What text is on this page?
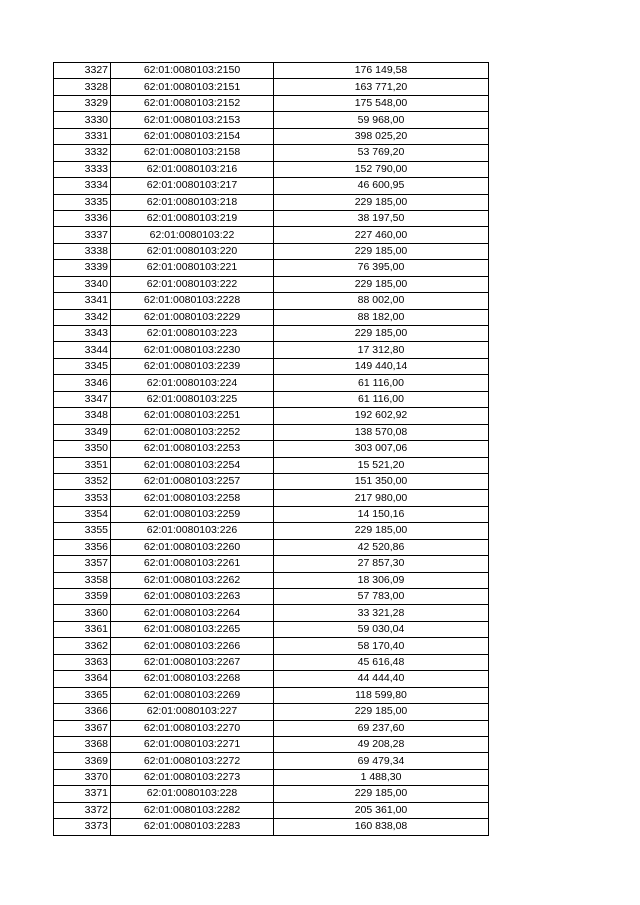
3327	62:01:0080103:2150	176 149,58
3328	62:01:0080103:2151	163 771,20
3329	62:01:0080103:2152	175 548,00
3330	62:01:0080103:2153	59 968,00
3331	62:01:0080103:2154	398 025,20
3332	62:01:0080103:2158	53 769,20
3333	62:01:0080103:216	152 790,00
3334	62:01:0080103:217	46 600,95
3335	62:01:0080103:218	229 185,00
3336	62:01:0080103:219	38 197,50
3337	62:01:0080103:22	227 460,00
3338	62:01:0080103:220	229 185,00
3339	62:01:0080103:221	76 395,00
3340	62:01:0080103:222	229 185,00
3341	62:01:0080103:2228	88 002,00
3342	62:01:0080103:2229	88 182,00
3343	62:01:0080103:223	229 185,00
3344	62:01:0080103:2230	17 312,80
3345	62:01:0080103:2239	149 440,14
3346	62:01:0080103:224	61 116,00
3347	62:01:0080103:225	61 116,00
3348	62:01:0080103:2251	192 602,92
3349	62:01:0080103:2252	138 570,08
3350	62:01:0080103:2253	303 007,06
3351	62:01:0080103:2254	15 521,20
3352	62:01:0080103:2257	151 350,00
3353	62:01:0080103:2258	217 980,00
3354	62:01:0080103:2259	14 150,16
3355	62:01:0080103:226	229 185,00
3356	62:01:0080103:2260	42 520,86
3357	62:01:0080103:2261	27 857,30
3358	62:01:0080103:2262	18 306,09
3359	62:01:0080103:2263	57 783,00
3360	62:01:0080103:2264	33 321,28
3361	62:01:0080103:2265	59 030,04
3362	62:01:0080103:2266	58 170,40
3363	62:01:0080103:2267	45 616,48
3364	62:01:0080103:2268	44 444,40
3365	62:01:0080103:2269	118 599,80
3366	62:01:0080103:227	229 185,00
3367	62:01:0080103:2270	69 237,60
3368	62:01:0080103:2271	49 208,28
3369	62:01:0080103:2272	69 479,34
3370	62:01:0080103:2273	1 488,30
3371	62:01:0080103:228	229 185,00
3372	62:01:0080103:2282	205 361,00
3373	62:01:0080103:2283	160 838,08
